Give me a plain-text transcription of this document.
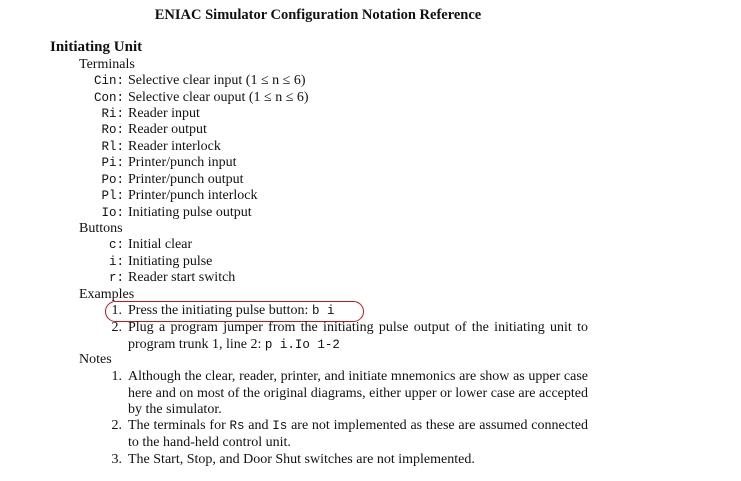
ENIAC Simulator Configuration Notation Reference
Initiating Unit
Terminals
Cin: Selective clear input (1 ≤ n ≤ 6)
Con: Selective clear ouput (1 ≤ n ≤ 6)
Ri: Reader input
Ro: Reader output
Rl: Reader interlock
Pi: Printer/punch input
Po: Printer/punch output
Pl: Printer/punch interlock
Io: Initiating pulse output
Buttons
c: Initial clear
i: Initiating pulse
r: Reader start switch
Examples
1. Press the initiating pulse button: b i
2. Plug a program jumper from the initiating pulse output of the initiating unit to program trunk 1, line 2: p i.Io 1-2
Notes
1. Although the clear, reader, printer, and initiate mnemonics are show as upper case here and on most of the original diagrams, either upper or lower case are accepted by the simulator.
2. The terminals for Rs and Is are not implemented as these are assumed connected to the hand-held control unit.
3. The Start, Stop, and Door Shut switches are not implemented.
